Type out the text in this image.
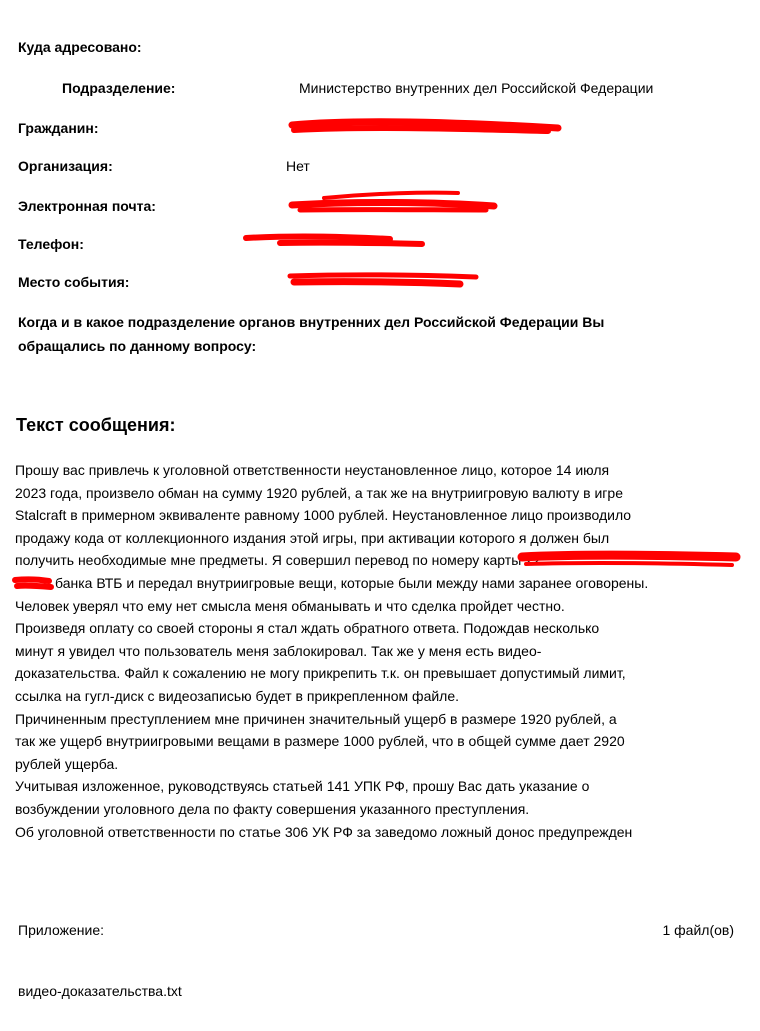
Куда адресовано:
Подразделение:	Министерство внутренних дел Российской Федерации
Гражданин:
Организация:	Нет
Электронная почта:
Телефон:
Место события:
Когда и в какое подразделение органов внутренних дел Российской Федерации Вы
обращались по данному вопросу:
Текст сообщения:
Прошу вас привлечь к уголовной ответственности неустановленное лицо, которое 14 июля
2023 года, произвело обман на сумму 1920 рублей, а так же на внутриигровую валюту в игре
Stalcraft в примерном эквиваленте равному 1000 рублей. Неустановленное лицо производило
продажу кода от коллекционного издания этой игры, при активации которого я должен был
получить необходимые мне предметы. Я совершил перевод по номеру карты 22
банка ВТБ и передал внутриигровые вещи, которые были между нами заранее оговорены.
Человек уверял что ему нет смысла меня обманывать и что сделка пройдет честно.
Произведя оплату со своей стороны я стал ждать обратного ответа. Подождав несколько
минут я увидел что пользователь меня заблокировал. Так же у меня есть видео-
доказательства. Файл к сожалению не могу прикрепить т.к. он превышает допустимый лимит,
ссылка на гугл-диск с видеозаписью будет в прикрепленном файле.
Причиненным преступлением мне причинен значительный ущерб в размере 1920 рублей, а
так же ущерб внутриигровыми вещами в размере 1000 рублей, что в общей сумме дает 2920
рублей ущерба.
Учитывая изложенное, руководствуясь статьей 141 УПК РФ, прошу Вас дать указание о
возбуждении уголовного дела по факту совершения указанного преступления.
Об уголовной ответственности по статье 306 УК РФ за заведомо ложный донос предупрежден
Приложение:	1 файл(ов)
видео-доказательства.txt
